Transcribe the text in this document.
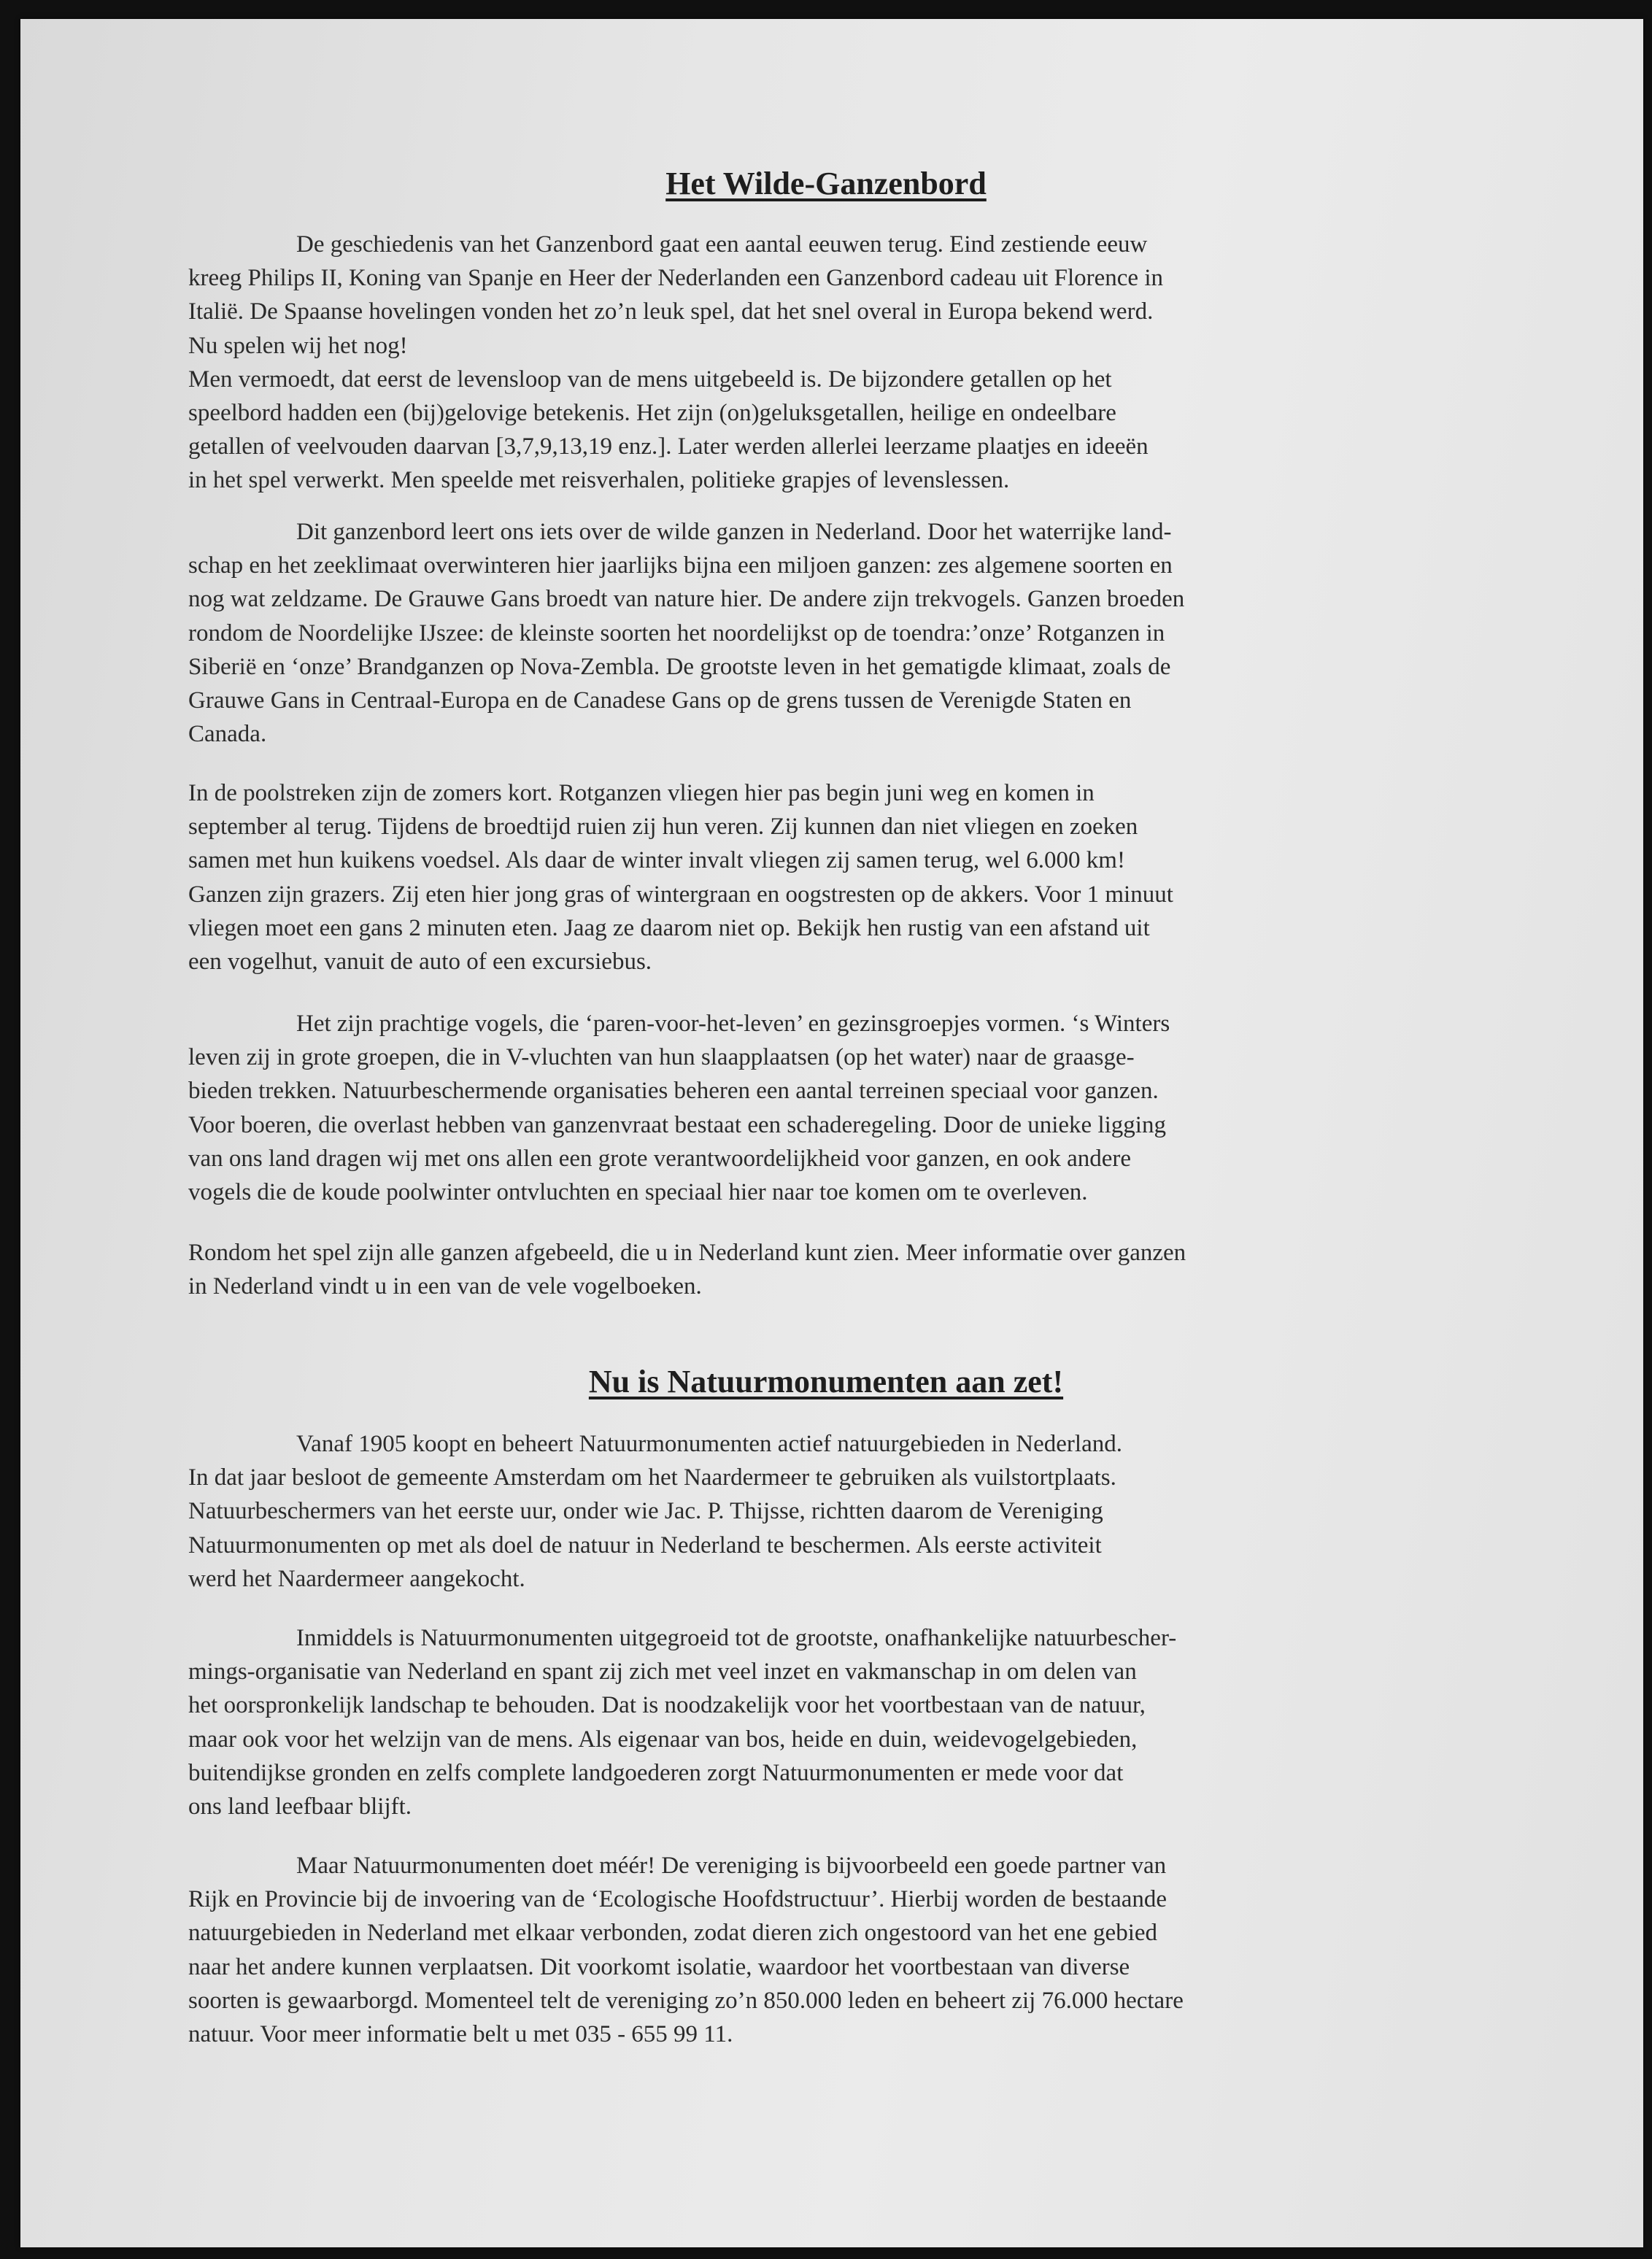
Het Wilde-Ganzenbord
De geschiedenis van het Ganzenbord gaat een aantal eeuwen terug. Eind zestiende eeuw
kreeg Philips II, Koning van Spanje en Heer der Nederlanden een Ganzenbord cadeau uit Florence in
Italië. De Spaanse hovelingen vonden het zo’n leuk spel, dat het snel overal in Europa bekend werd.
Nu spelen wij het nog!
Men vermoedt, dat eerst de levensloop van de mens uitgebeeld is. De bijzondere getallen op het
speelbord hadden een (bij)gelovige betekenis. Het zijn (on)geluksgetallen, heilige en ondeelbare
getallen of veelvouden daarvan [3,7,9,13,19 enz.]. Later werden allerlei leerzame plaatjes en ideeën
in het spel verwerkt. Men speelde met reisverhalen, politieke grapjes of levenslessen.
Dit ganzenbord leert ons iets over de wilde ganzen in Nederland. Door het waterrijke land-
schap en het zeeklimaat overwinteren hier jaarlijks bijna een miljoen ganzen: zes algemene soorten en
nog wat zeldzame. De Grauwe Gans broedt van nature hier. De andere zijn trekvogels. Ganzen broeden
rondom de Noordelijke IJszee: de kleinste soorten het noordelijkst op de toendra:’onze’ Rotganzen in
Siberië en ‘onze’ Brandganzen op Nova-Zembla. De grootste leven in het gematigde klimaat, zoals de
Grauwe Gans in Centraal-Europa en de Canadese Gans op de grens tussen de Verenigde Staten en
Canada.
In de poolstreken zijn de zomers kort. Rotganzen vliegen hier pas begin juni weg en komen in
september al terug. Tijdens de broedtijd ruien zij hun veren. Zij kunnen dan niet vliegen en zoeken
samen met hun kuikens voedsel. Als daar de winter invalt vliegen zij samen terug, wel 6.000 km!
Ganzen zijn grazers. Zij eten hier jong gras of wintergraan en oogstresten op de akkers. Voor 1 minuut
vliegen moet een gans 2 minuten eten. Jaag ze daarom niet op. Bekijk hen rustig van een afstand uit
een vogelhut, vanuit de auto of een excursiebus.
Het zijn prachtige vogels, die ‘paren-voor-het-leven’ en gezinsgroepjes vormen. ‘s Winters
leven zij in grote groepen, die in V-vluchten van hun slaapplaatsen (op het water) naar de graasge-
bieden trekken. Natuurbeschermende organisaties beheren een aantal terreinen speciaal voor ganzen.
Voor boeren, die overlast hebben van ganzenvraat bestaat een schaderegeling. Door de unieke ligging
van ons land dragen wij met ons allen een grote verantwoordelijkheid voor ganzen, en ook andere
vogels die de koude poolwinter ontvluchten en speciaal hier naar toe komen om te overleven.
Rondom het spel zijn alle ganzen afgebeeld, die u in Nederland kunt zien. Meer informatie over ganzen
in Nederland vindt u in een van de vele vogelboeken.
Nu is Natuurmonumenten aan zet!
Vanaf 1905 koopt en beheert Natuurmonumenten actief natuurgebieden in Nederland.
In dat jaar besloot de gemeente Amsterdam om het Naardermeer te gebruiken als vuilstortplaats.
Natuurbeschermers van het eerste uur, onder wie Jac. P. Thijsse, richtten daarom de Vereniging
Natuurmonumenten op met als doel de natuur in Nederland te beschermen. Als eerste activiteit
werd het Naardermeer aangekocht.
Inmiddels is Natuurmonumenten uitgegroeid tot de grootste, onafhankelijke natuurbescher-
mings-organisatie van Nederland en spant zij zich met veel inzet en vakmanschap in om delen van
het oorspronkelijk landschap te behouden. Dat is noodzakelijk voor het voortbestaan van de natuur,
maar ook voor het welzijn van de mens. Als eigenaar van bos, heide en duin, weidevogelgebieden,
buitendijkse gronden en zelfs complete landgoederen zorgt Natuurmonumenten er mede voor dat
ons land leefbaar blijft.
Maar Natuurmonumenten doet méér! De vereniging is bijvoorbeeld een goede partner van
Rijk en Provincie bij de invoering van de ‘Ecologische Hoofdstructuur’. Hierbij worden de bestaande
natuurgebieden in Nederland met elkaar verbonden, zodat dieren zich ongestoord van het ene gebied
naar het andere kunnen verplaatsen. Dit voorkomt isolatie, waardoor het voortbestaan van diverse
soorten is gewaarborgd. Momenteel telt de vereniging zo’n 850.000 leden en beheert zij 76.000 hectare
natuur. Voor meer informatie belt u met 035 - 655 99 11.
